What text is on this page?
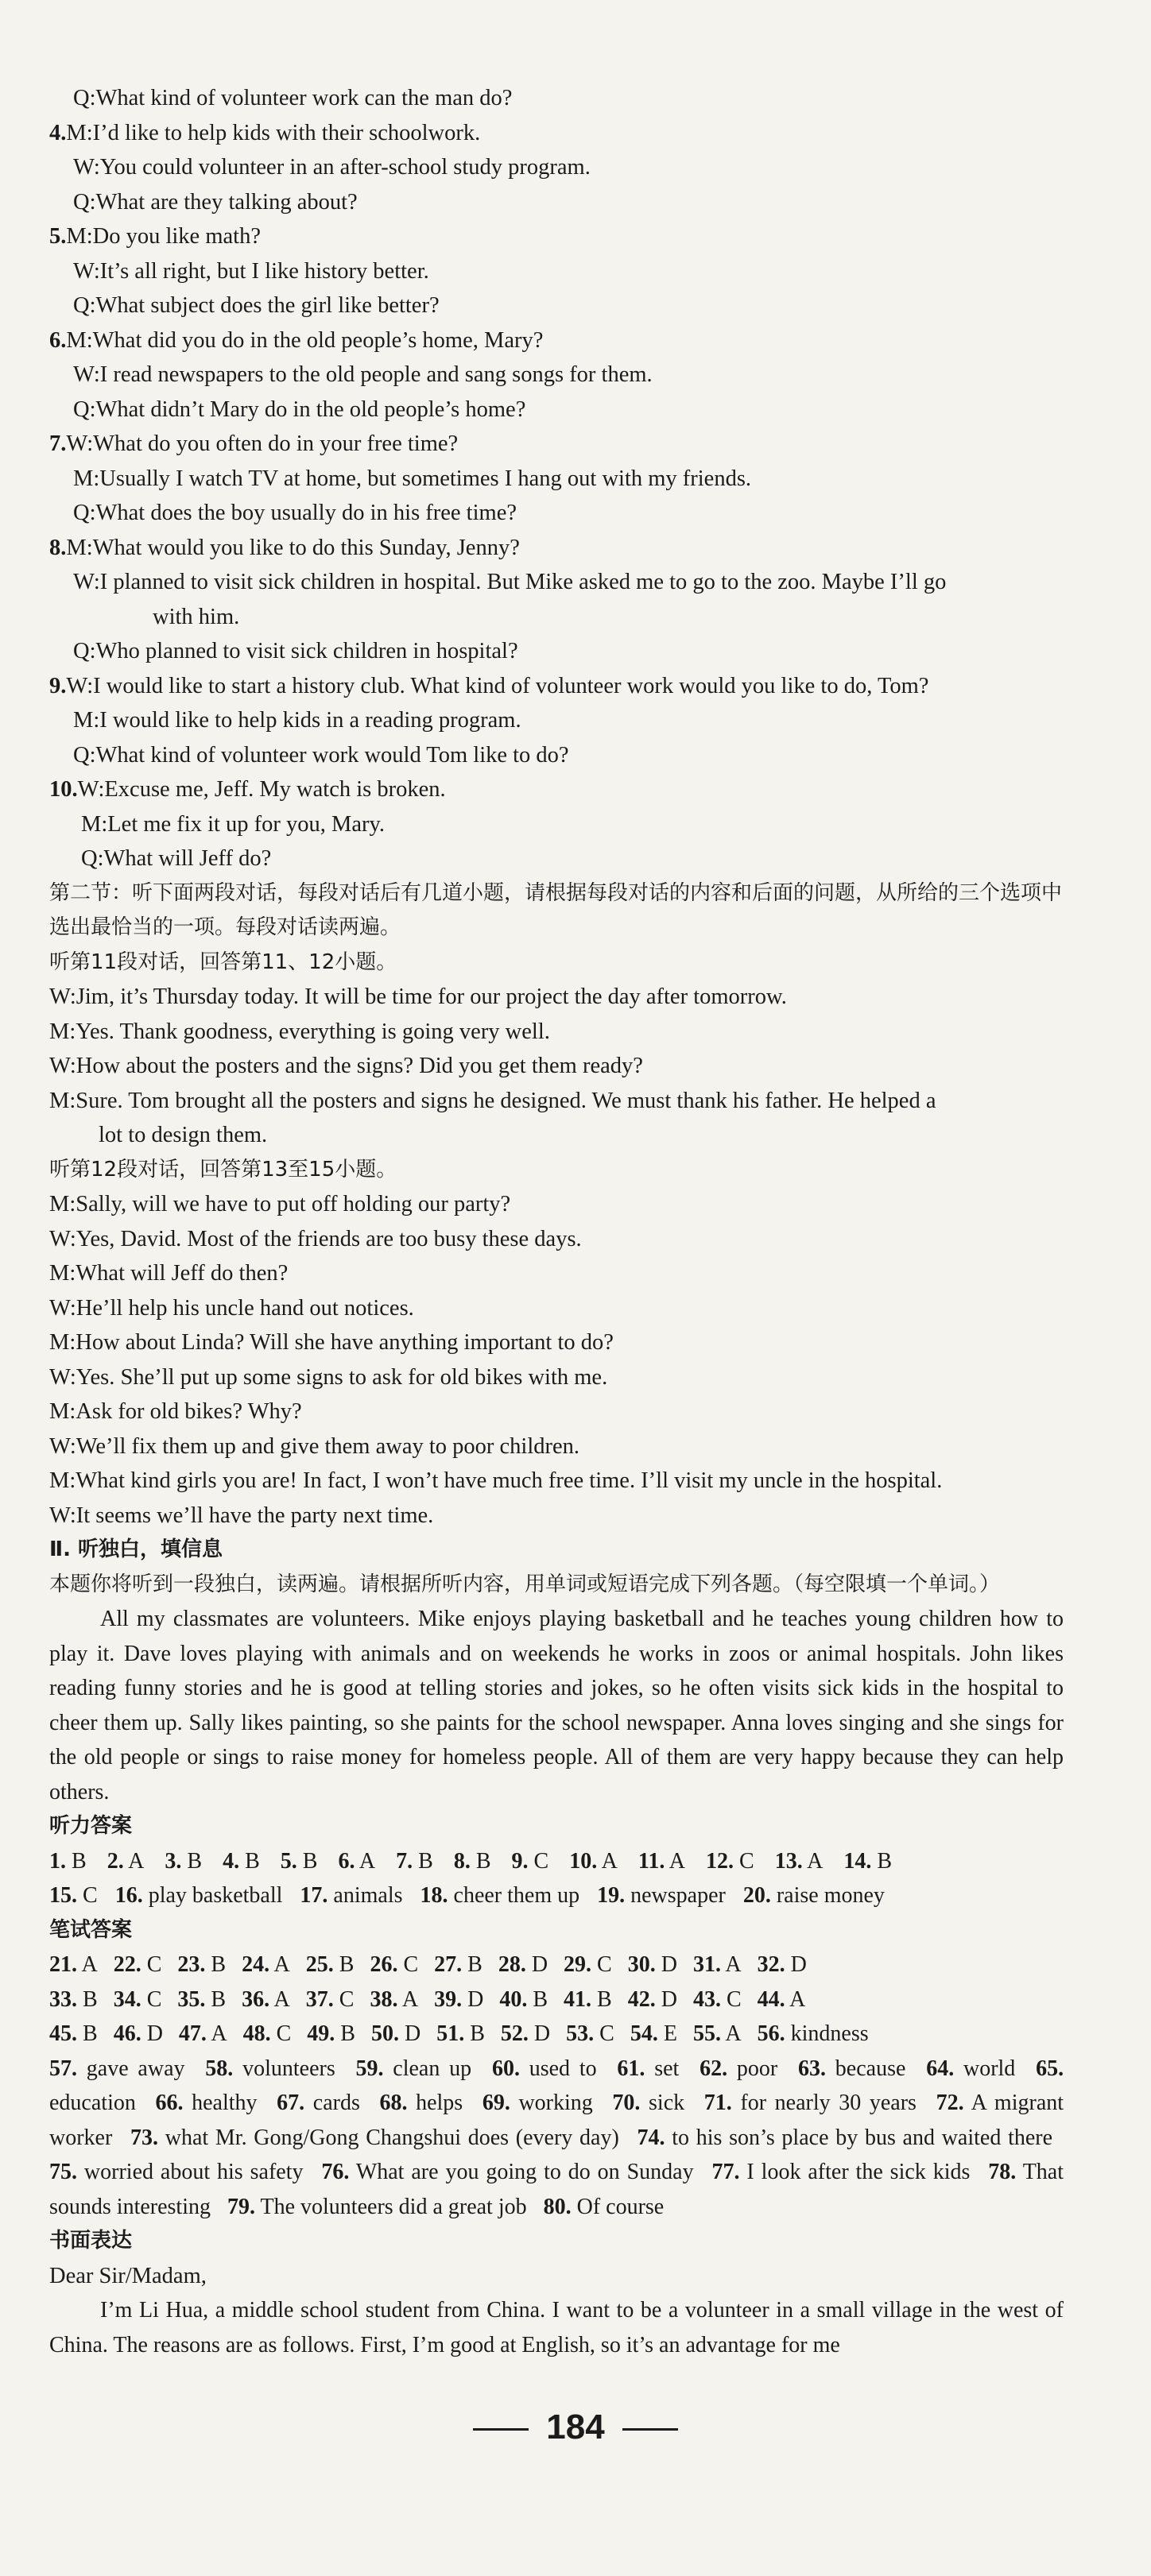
Q:What kind of volunteer work can the man do?
4.M:I’d like to help kids with their schoolwork.
W:You could volunteer in an after-school study program.
Q:What are they talking about?
5.M:Do you like math?
W:It’s all right, but I like history better.
Q:What subject does the girl like better?
6.M:What did you do in the old people’s home, Mary?
W:I read newspapers to the old people and sang songs for them.
Q:What didn’t Mary do in the old people’s home?
7.W:What do you often do in your free time?
M:Usually I watch TV at home, but sometimes I hang out with my friends.
Q:What does the boy usually do in his free time?
8.M:What would you like to do this Sunday, Jenny?
W:I planned to visit sick children in hospital. But Mike asked me to go to the zoo. Maybe I’ll go
with him.
Q:Who planned to visit sick children in hospital?
9.W:I would like to start a history club. What kind of volunteer work would you like to do, Tom?
M:I would like to help kids in a reading program.
Q:What kind of volunteer work would Tom like to do?
10.W:Excuse me, Jeff. My watch is broken.
M:Let me fix it up for you, Mary.
Q:What will Jeff do?
第二节：听下面两段对话，每段对话后有几道小题，请根据每段对话的内容和后面的问题，从所给的三个选项中选出最恰当的一项。每段对话读两遍。
听第11段对话，回答第11、12小题。
W:Jim, it’s Thursday today. It will be time for our project the day after tomorrow.
M:Yes. Thank goodness, everything is going very well.
W:How about the posters and the signs? Did you get them ready?
M:Sure. Tom brought all the posters and signs he designed. We must thank his father. He helped a
lot to design them.
听第12段对话，回答第13至15小题。
M:Sally, will we have to put off holding our party?
W:Yes, David. Most of the friends are too busy these days.
M:What will Jeff do then?
W:He’ll help his uncle hand out notices.
M:How about Linda? Will she have anything important to do?
W:Yes. She’ll put up some signs to ask for old bikes with me.
M:Ask for old bikes? Why?
W:We’ll fix them up and give them away to poor children.
M:What kind girls you are! In fact, I won’t have much free time. I’ll visit my uncle in the hospital.
W:It seems we’ll have the party next time.
Ⅱ. 听独白，填信息
本题你将听到一段独白，读两遍。请根据所听内容，用单词或短语完成下列各题。（每空限填一个单词。）
All my classmates are volunteers. Mike enjoys playing basketball and he teaches young children how to play it. Dave loves playing with animals and on weekends he works in zoos or animal hospitals. John likes reading funny stories and he is good at telling stories and jokes, so he often visits sick kids in the hospital to cheer them up. Sally likes painting, so she paints for the school newspaper. Anna loves singing and she sings for the old people or sings to raise money for homeless people. All of them are very happy because they can help others.
听力答案
1. B 2. A 3. B 4. B 5. B 6. A 7. B 8. B 9. C 10. A 11. A 12. C 13. A 14. B
15. C 16. play basketball 17. animals 18. cheer them up 19. newspaper 20. raise money
笔试答案
21. A 22. C 23. B 24. A 25. B 26. C 27. B 28. D 29. C 30. D 31. A 32. D
33. B 34. C 35. B 36. A 37. C 38. A 39. D 40. B 41. B 42. D 43. C 44. A
45. B 46. D 47. A 48. C 49. B 50. D 51. B 52. D 53. C 54. E 55. A 56. kindness
57. gave away 58. volunteers 59. clean up 60. used to 61. set 62. poor 63. because 64. world 65. education 66. healthy 67. cards 68. helps 69. working 70. sick 71. for nearly 30 years 72. A migrant worker 73. what Mr. Gong/Gong Changshui does (every day) 74. to his son’s place by bus and waited there 75. worried about his safety 76. What are you going to do on Sunday 77. I look after the sick kids 78. That sounds interesting 79. The volunteers did a great job 80. Of course
书面表达
Dear Sir/Madam,
I’m Li Hua, a middle school student from China. I want to be a volunteer in a small village in the west of China. The reasons are as follows. First, I’m good at English, so it’s an advantage for me
184
